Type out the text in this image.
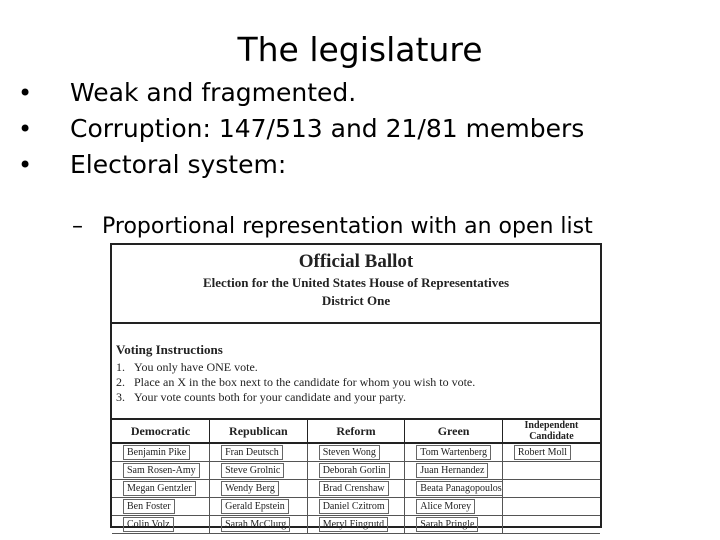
The legislature
•	Weak and fragmented.
•	Corruption: 147/513 and 21/81 members
•	Electoral system:
– Proportional representation with an open list
Official Ballot
Election for the United States House of Representatives
District One
Voting Instructions
1. You only have ONE vote.
2. Place an X in the box next to the candidate for whom you wish to vote.
3. Your vote counts both for your candidate and your party.
Democratic	Republican	Reform	Green	Independent Candidate
Benjamin Pike	Fran Deutsch	Steven Wong	Tom Wartenberg	Robert Moll
Sam Rosen-Amy	Steve Grolnic	Deborah Gorlin	Juan Hernandez	
Megan Gentzler	Wendy Berg	Brad Crenshaw	Beata Panagopoulos	
Ben Foster	Gerald Epstein	Daniel Czitrom	Alice Morey	
Colin Volz	Sarah McClurg	Meryl Fingrutd	Sarah Pringle	
